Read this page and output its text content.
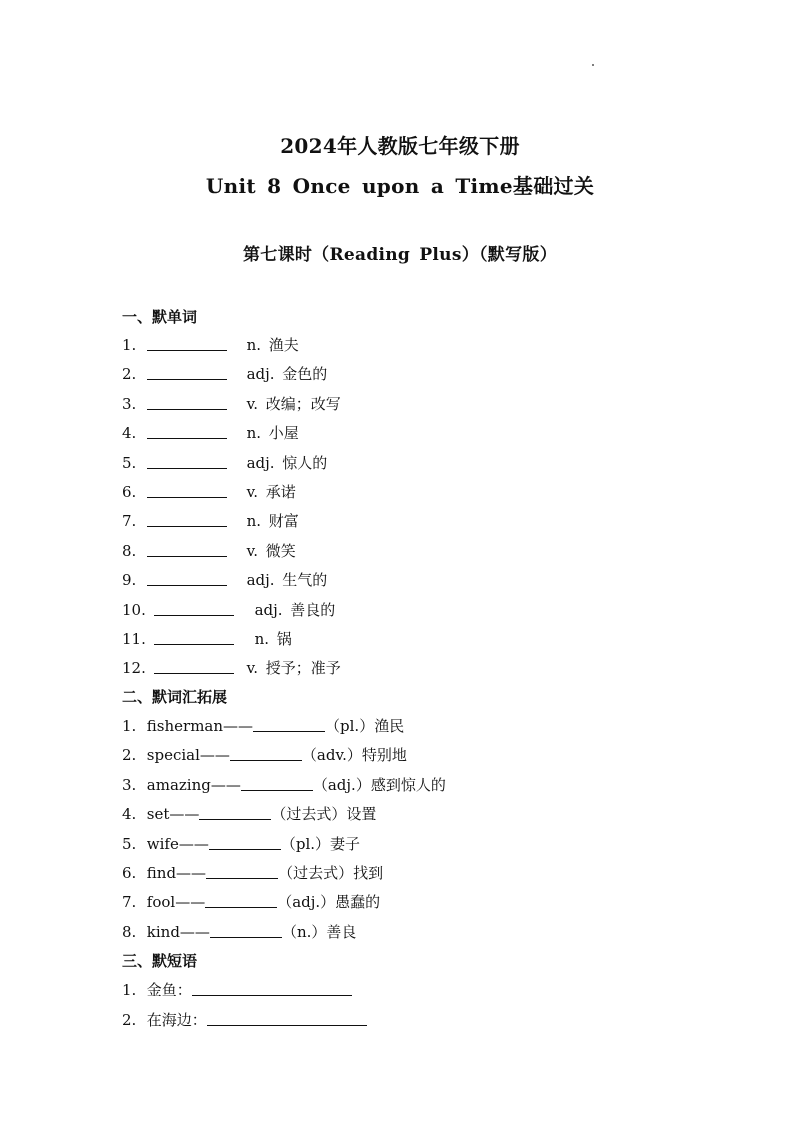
2024年人教版七年级下册
Unit 8 Once upon a Time基础过关
第七课时（Reading Plus）（默写版）
一、默单词
1.	n. 渔夫
2.	adj. 金色的
3.	v. 改编；改写
4.	n. 小屋
5.	adj. 惊人的
6.	v. 承诺
7.	n. 财富
8.	v. 微笑
9.	adj. 生气的
10.	adj. 善良的
11.	n. 锅
12.	v. 授予；准予
二、默词汇拓展
1. fisherman——	（pl.）渔民
2. special——	（adv.）特别地
3. amazing——	（adj.）感到惊人的
4. set——	（过去式）设置
5. wife——	（pl.）妻子
6. find——	（过去式）找到
7. fool——	（adj.）愚蠢的
8. kind——	（n.）善良
三、默短语
1. 金鱼：
2. 在海边：
